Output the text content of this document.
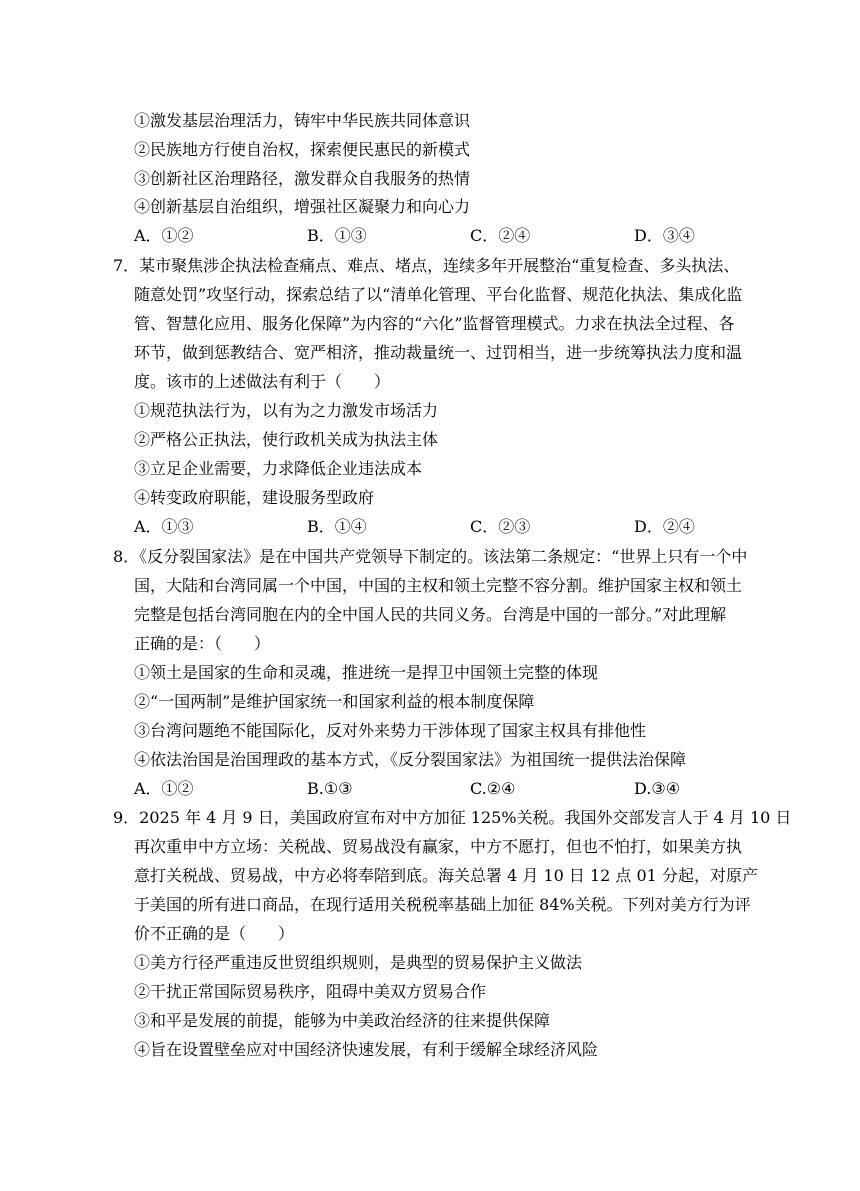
①激发基层治理活力，铸牢中华民族共同体意识
②民族地方行使自治权，探索便民惠民的新模式
③创新社区治理路径，激发群众自我服务的热情
④创新基层自治组织，增强社区凝聚力和向心力
A．①②	B．①③	C．②④	D．③④
7．某市聚焦涉企执法检查痛点、难点、堵点，连续多年开展整治“重复检查、多头执法、
随意处罚”攻坚行动，探索总结了以“清单化管理、平台化监督、规范化执法、集成化监
管、智慧化应用、服务化保障”为内容的“六化”监督管理模式。力求在执法全过程、各
环节，做到惩教结合、宽严相济，推动裁量统一、过罚相当，进一步统筹执法力度和温
度。该市的上述做法有利于（　　）
①规范执法行为，以有为之力激发市场活力
②严格公正执法，使行政机关成为执法主体
③立足企业需要，力求降低企业违法成本
④转变政府职能，建设服务型政府
A．①③	B．①④	C．②③	D．②④
8．《反分裂国家法》是在中国共产党领导下制定的。该法第二条规定：“世界上只有一个中
国，大陆和台湾同属一个中国，中国的主权和领土完整不容分割。维护国家主权和领土
完整是包括台湾同胞在内的全中国人民的共同义务。台湾是中国的一部分。”对此理解
正确的是：（　　）
①领土是国家的生命和灵魂，推进统一是捍卫中国领土完整的体现
②“一国两制”是维护国家统一和国家利益的根本制度保障
③台湾问题绝不能国际化，反对外来势力干涉体现了国家主权具有排他性
④依法治国是治国理政的基本方式，《反分裂国家法》为祖国统一提供法治保障
A．①②	B.①③	C.②④	D.③④
9．2025 年 4 月 9 日，美国政府宣布对中方加征 125%关税。我国外交部发言人于 4 月 10 日
再次重申中方立场：关税战、贸易战没有赢家，中方不愿打，但也不怕打，如果美方执
意打关税战、贸易战，中方必将奉陪到底。海关总署 4 月 10 日 12 点 01 分起，对原产
于美国的所有进口商品，在现行适用关税税率基础上加征 84%关税。下列对美方行为评
价不正确的是（　　）
①美方行径严重违反世贸组织规则，是典型的贸易保护主义做法
②干扰正常国际贸易秩序，阻碍中美双方贸易合作
③和平是发展的前提，能够为中美政治经济的往来提供保障
④旨在设置壁垒应对中国经济快速发展，有利于缓解全球经济风险
